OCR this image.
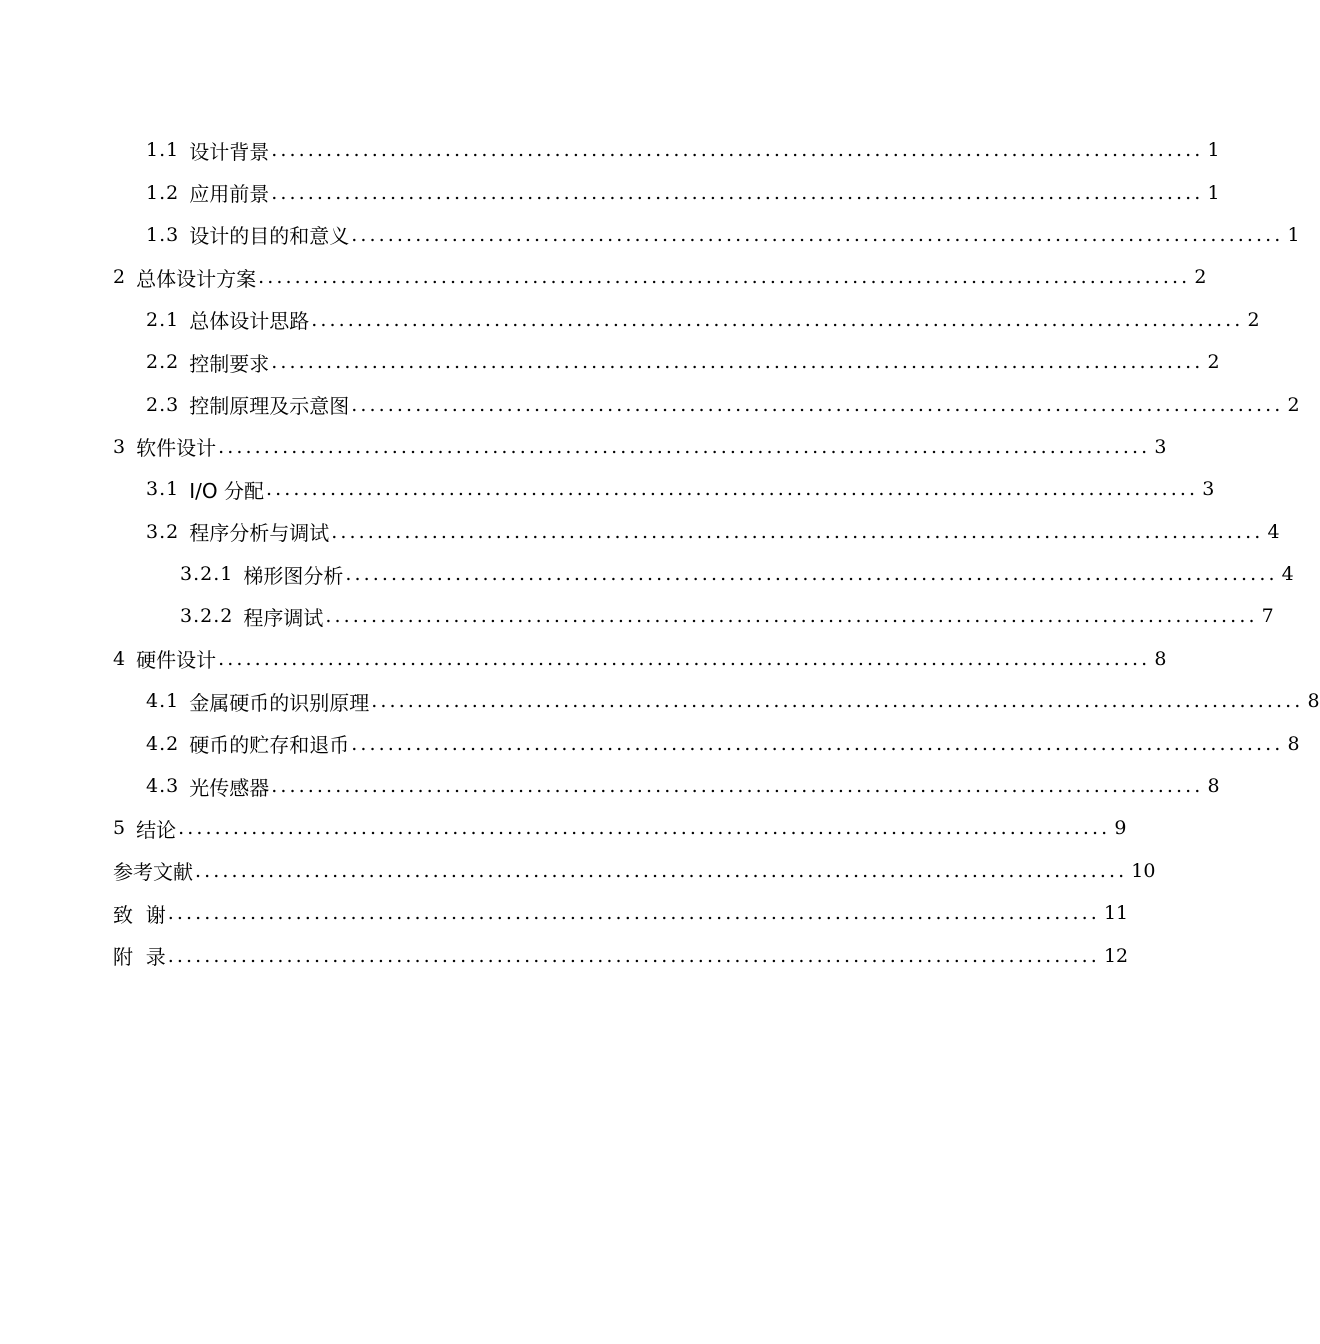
1.1 设计背景 ...................................................................................................... 1
1.2 应用前景 ...................................................................................................... 1
1.3 设计的目的和意义 ...................................................................................................... 1
2 总体设计方案 ...................................................................................................... 2
2.1 总体设计思路 ...................................................................................................... 2
2.2 控制要求 ...................................................................................................... 2
2.3 控制原理及示意图 ...................................................................................................... 2
3 软件设计 ...................................................................................................... 3
3.1 I/O 分配 ...................................................................................................... 3
3.2 程序分析与调试 ...................................................................................................... 4
3.2.1 梯形图分析 ...................................................................................................... 4
3.2.2 程序调试 ...................................................................................................... 7
4 硬件设计 ...................................................................................................... 8
4.1 金属硬币的识别原理 ...................................................................................................... 8
4.2 硬币的贮存和退币 ...................................................................................................... 8
4.3 光传感器 ...................................................................................................... 8
5 结论 ...................................................................................................... 9
参考文献 ...................................................................................................... 10
致  谢 ...................................................................................................... 11
附  录 ...................................................................................................... 12
